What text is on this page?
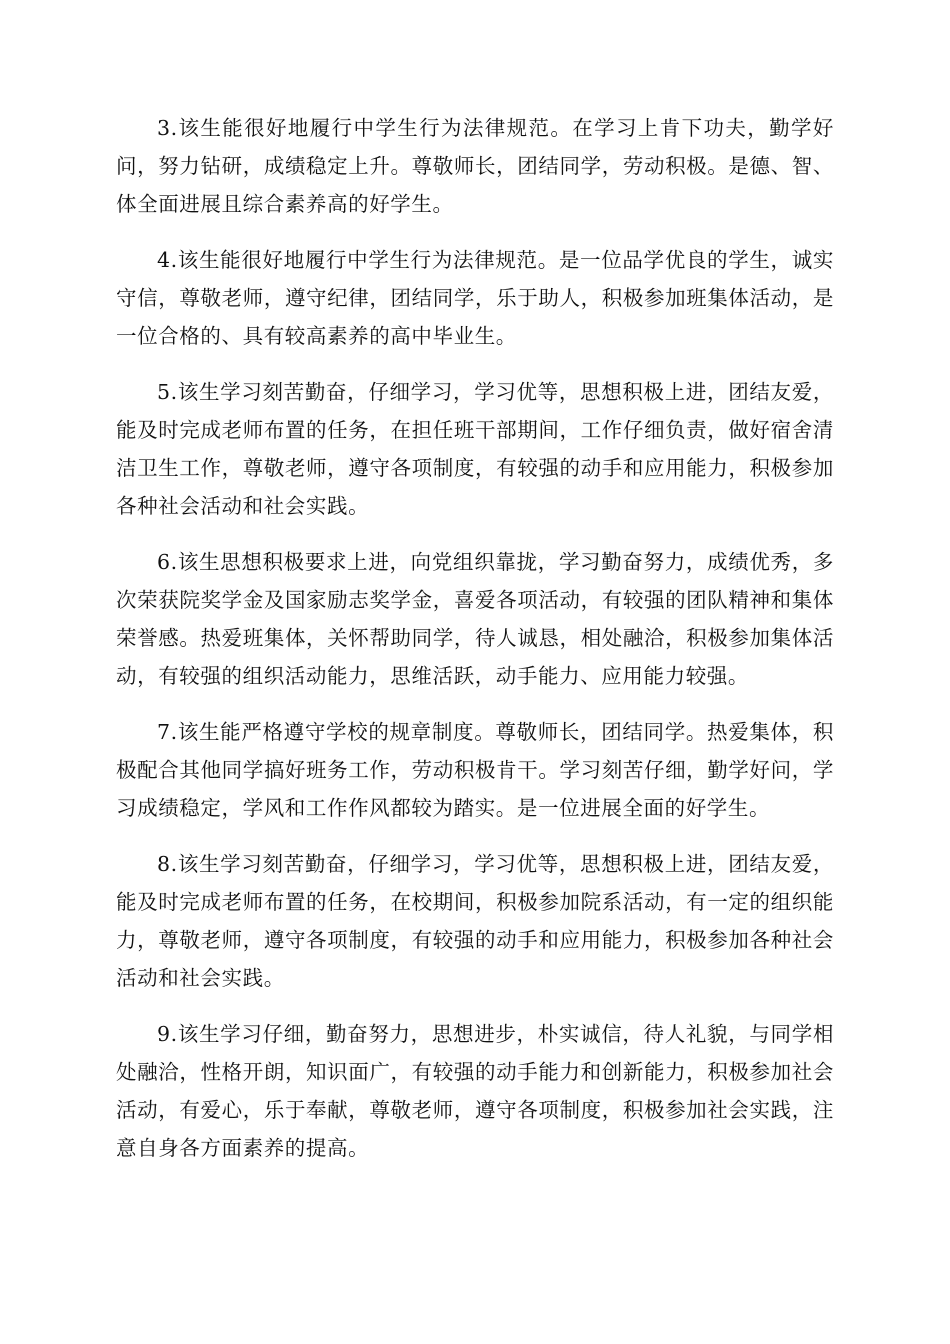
3.该生能很好地履行中学生行为法律规范。在学习上肯下功夫，勤学好问，努力钻研，成绩稳定上升。尊敬师长，团结同学，劳动积极。是德、智、体全面进展且综合素养高的好学生。

4.该生能很好地履行中学生行为法律规范。是一位品学优良的学生，诚实守信，尊敬老师，遵守纪律，团结同学，乐于助人，积极参加班集体活动，是一位合格的、具有较高素养的高中毕业生。

5.该生学习刻苦勤奋，仔细学习，学习优等，思想积极上进，团结友爱，能及时完成老师布置的任务，在担任班干部期间，工作仔细负责，做好宿舍清洁卫生工作，尊敬老师，遵守各项制度，有较强的动手和应用能力，积极参加各种社会活动和社会实践。

6.该生思想积极要求上进，向党组织靠拢，学习勤奋努力，成绩优秀，多次荣获院奖学金及国家励志奖学金，喜爱各项活动，有较强的团队精神和集体荣誉感。热爱班集体，关怀帮助同学，待人诚恳，相处融洽，积极参加集体活动，有较强的组织活动能力，思维活跃，动手能力、应用能力较强。

7.该生能严格遵守学校的规章制度。尊敬师长，团结同学。热爱集体，积极配合其他同学搞好班务工作，劳动积极肯干。学习刻苦仔细，勤学好问，学习成绩稳定，学风和工作作风都较为踏实。是一位进展全面的好学生。

8.该生学习刻苦勤奋，仔细学习，学习优等，思想积极上进，团结友爱，能及时完成老师布置的任务，在校期间，积极参加院系活动，有一定的组织能力，尊敬老师，遵守各项制度，有较强的动手和应用能力，积极参加各种社会活动和社会实践。

9.该生学习仔细，勤奋努力，思想进步，朴实诚信，待人礼貌，与同学相处融洽，性格开朗，知识面广，有较强的动手能力和创新能力，积极参加社会活动，有爱心，乐于奉献，尊敬老师，遵守各项制度，积极参加社会实践，注意自身各方面素养的提高。
